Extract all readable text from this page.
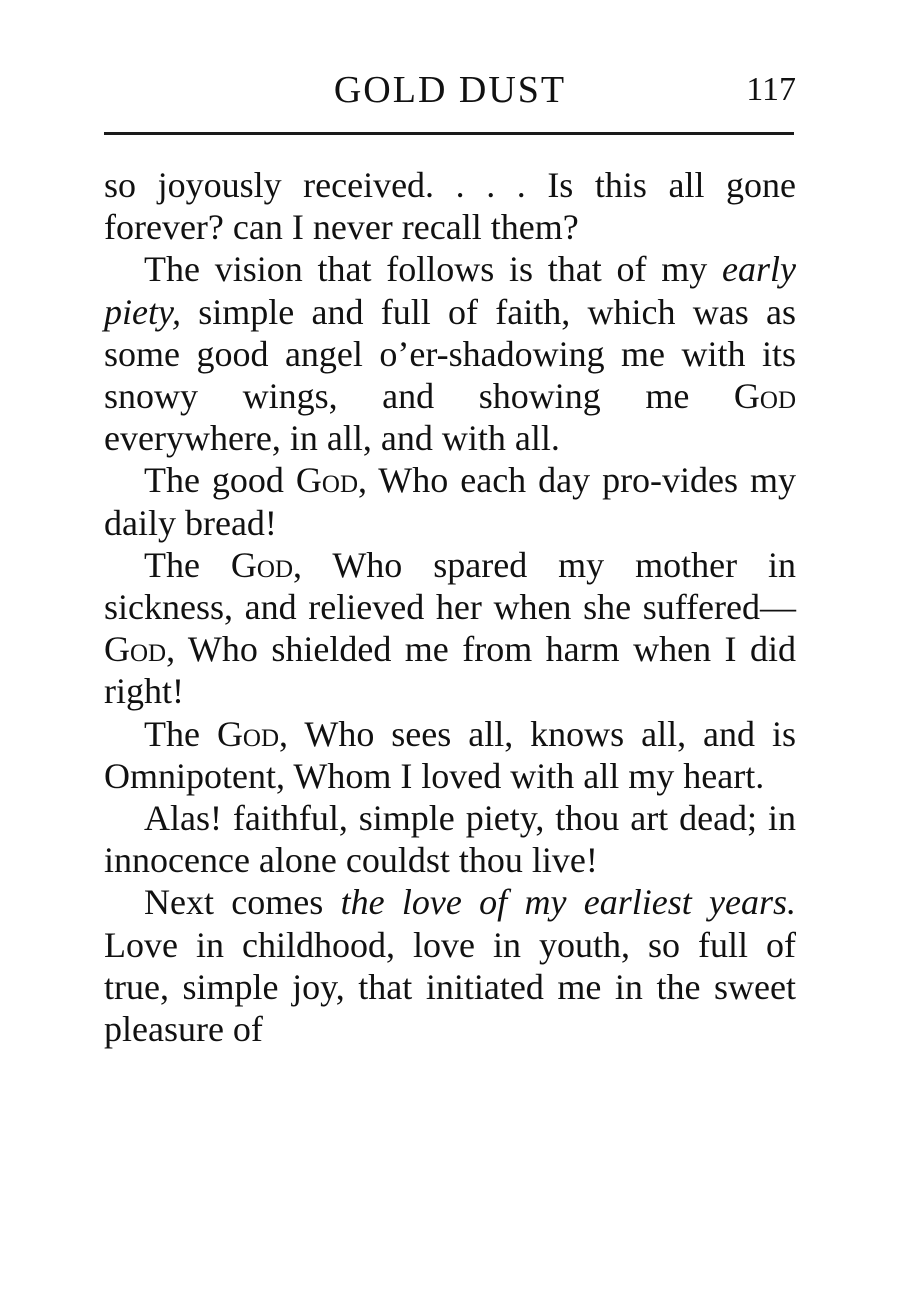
GOLD DUST	117

so joyously received. . . . Is this all gone forever? can I never recall them?

The vision that follows is that of my early piety, simple and full of faith, which was as some good angel o’er-shadowing me with its snowy wings, and showing me God everywhere, in all, and with all.

The good God, Who each day pro-vides my daily bread!

The God, Who spared my mother in sickness, and relieved her when she suffered—God, Who shielded me from harm when I did right!

The God, Who sees all, knows all, and is Omnipotent, Whom I loved with all my heart.

Alas! faithful, simple piety, thou art dead; in innocence alone couldst thou live!

Next comes the love of my earliest years. Love in childhood, love in youth, so full of true, simple joy, that initiated me in the sweet pleasure of
